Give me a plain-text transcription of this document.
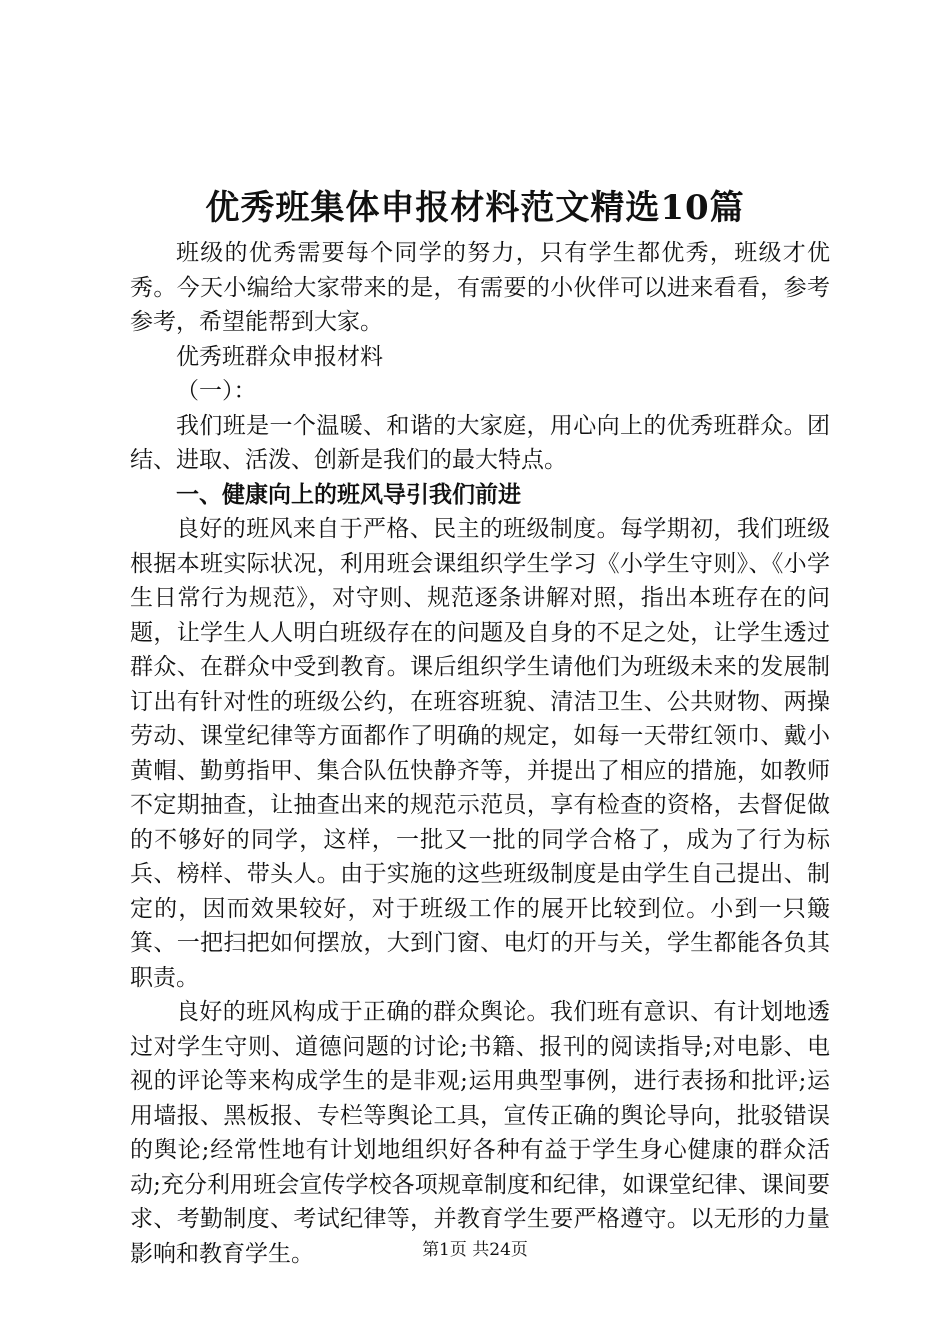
优秀班集体申报材料范文精选10篇

班级的优秀需要每个同学的努力，只有学生都优秀，班级才优秀。今天小编给大家带来的是，有需要的小伙伴可以进来看看，参考参考，希望能帮到大家。

优秀班群众申报材料

（一）：

我们班是一个温暖、和谐的大家庭，用心向上的优秀班群众。团结、进取、活泼、创新是我们的最大特点。

一、健康向上的班风导引我们前进

良好的班风来自于严格、民主的班级制度。每学期初，我们班级根据本班实际状况，利用班会课组织学生学习《小学生守则》、《小学生日常行为规范》，对守则、规范逐条讲解对照，指出本班存在的问题，让学生人人明白班级存在的问题及自身的不足之处，让学生透过群众、在群众中受到教育。课后组织学生请他们为班级未来的发展制订出有针对性的班级公约，在班容班貌、清洁卫生、公共财物、两操劳动、课堂纪律等方面都作了明确的规定，如每一天带红领巾、戴小黄帽、勤剪指甲、集合队伍快静齐等，并提出了相应的措施，如教师不定期抽查，让抽查出来的规范示范员，享有检查的资格，去督促做的不够好的同学，这样，一批又一批的同学合格了，成为了行为标兵、榜样、带头人。由于实施的这些班级制度是由学生自己提出、制定的，因而效果较好，对于班级工作的展开比较到位。小到一只簸箕、一把扫把如何摆放，大到门窗、电灯的开与关，学生都能各负其职责。

良好的班风构成于正确的群众舆论。我们班有意识、有计划地透过对学生守则、道德问题的讨论;书籍、报刊的阅读指导;对电影、电视的评论等来构成学生的是非观;运用典型事例，进行表扬和批评;运用墙报、黑板报、专栏等舆论工具，宣传正确的舆论导向，批驳错误的舆论;经常性地有计划地组织好各种有益于学生身心健康的群众活动;充分利用班会宣传学校各项规章制度和纪律，如课堂纪律、课间要求、考勤制度、考试纪律等，并教育学生要严格遵守。以无形的力量影响和教育学生。	第1页 共24页
